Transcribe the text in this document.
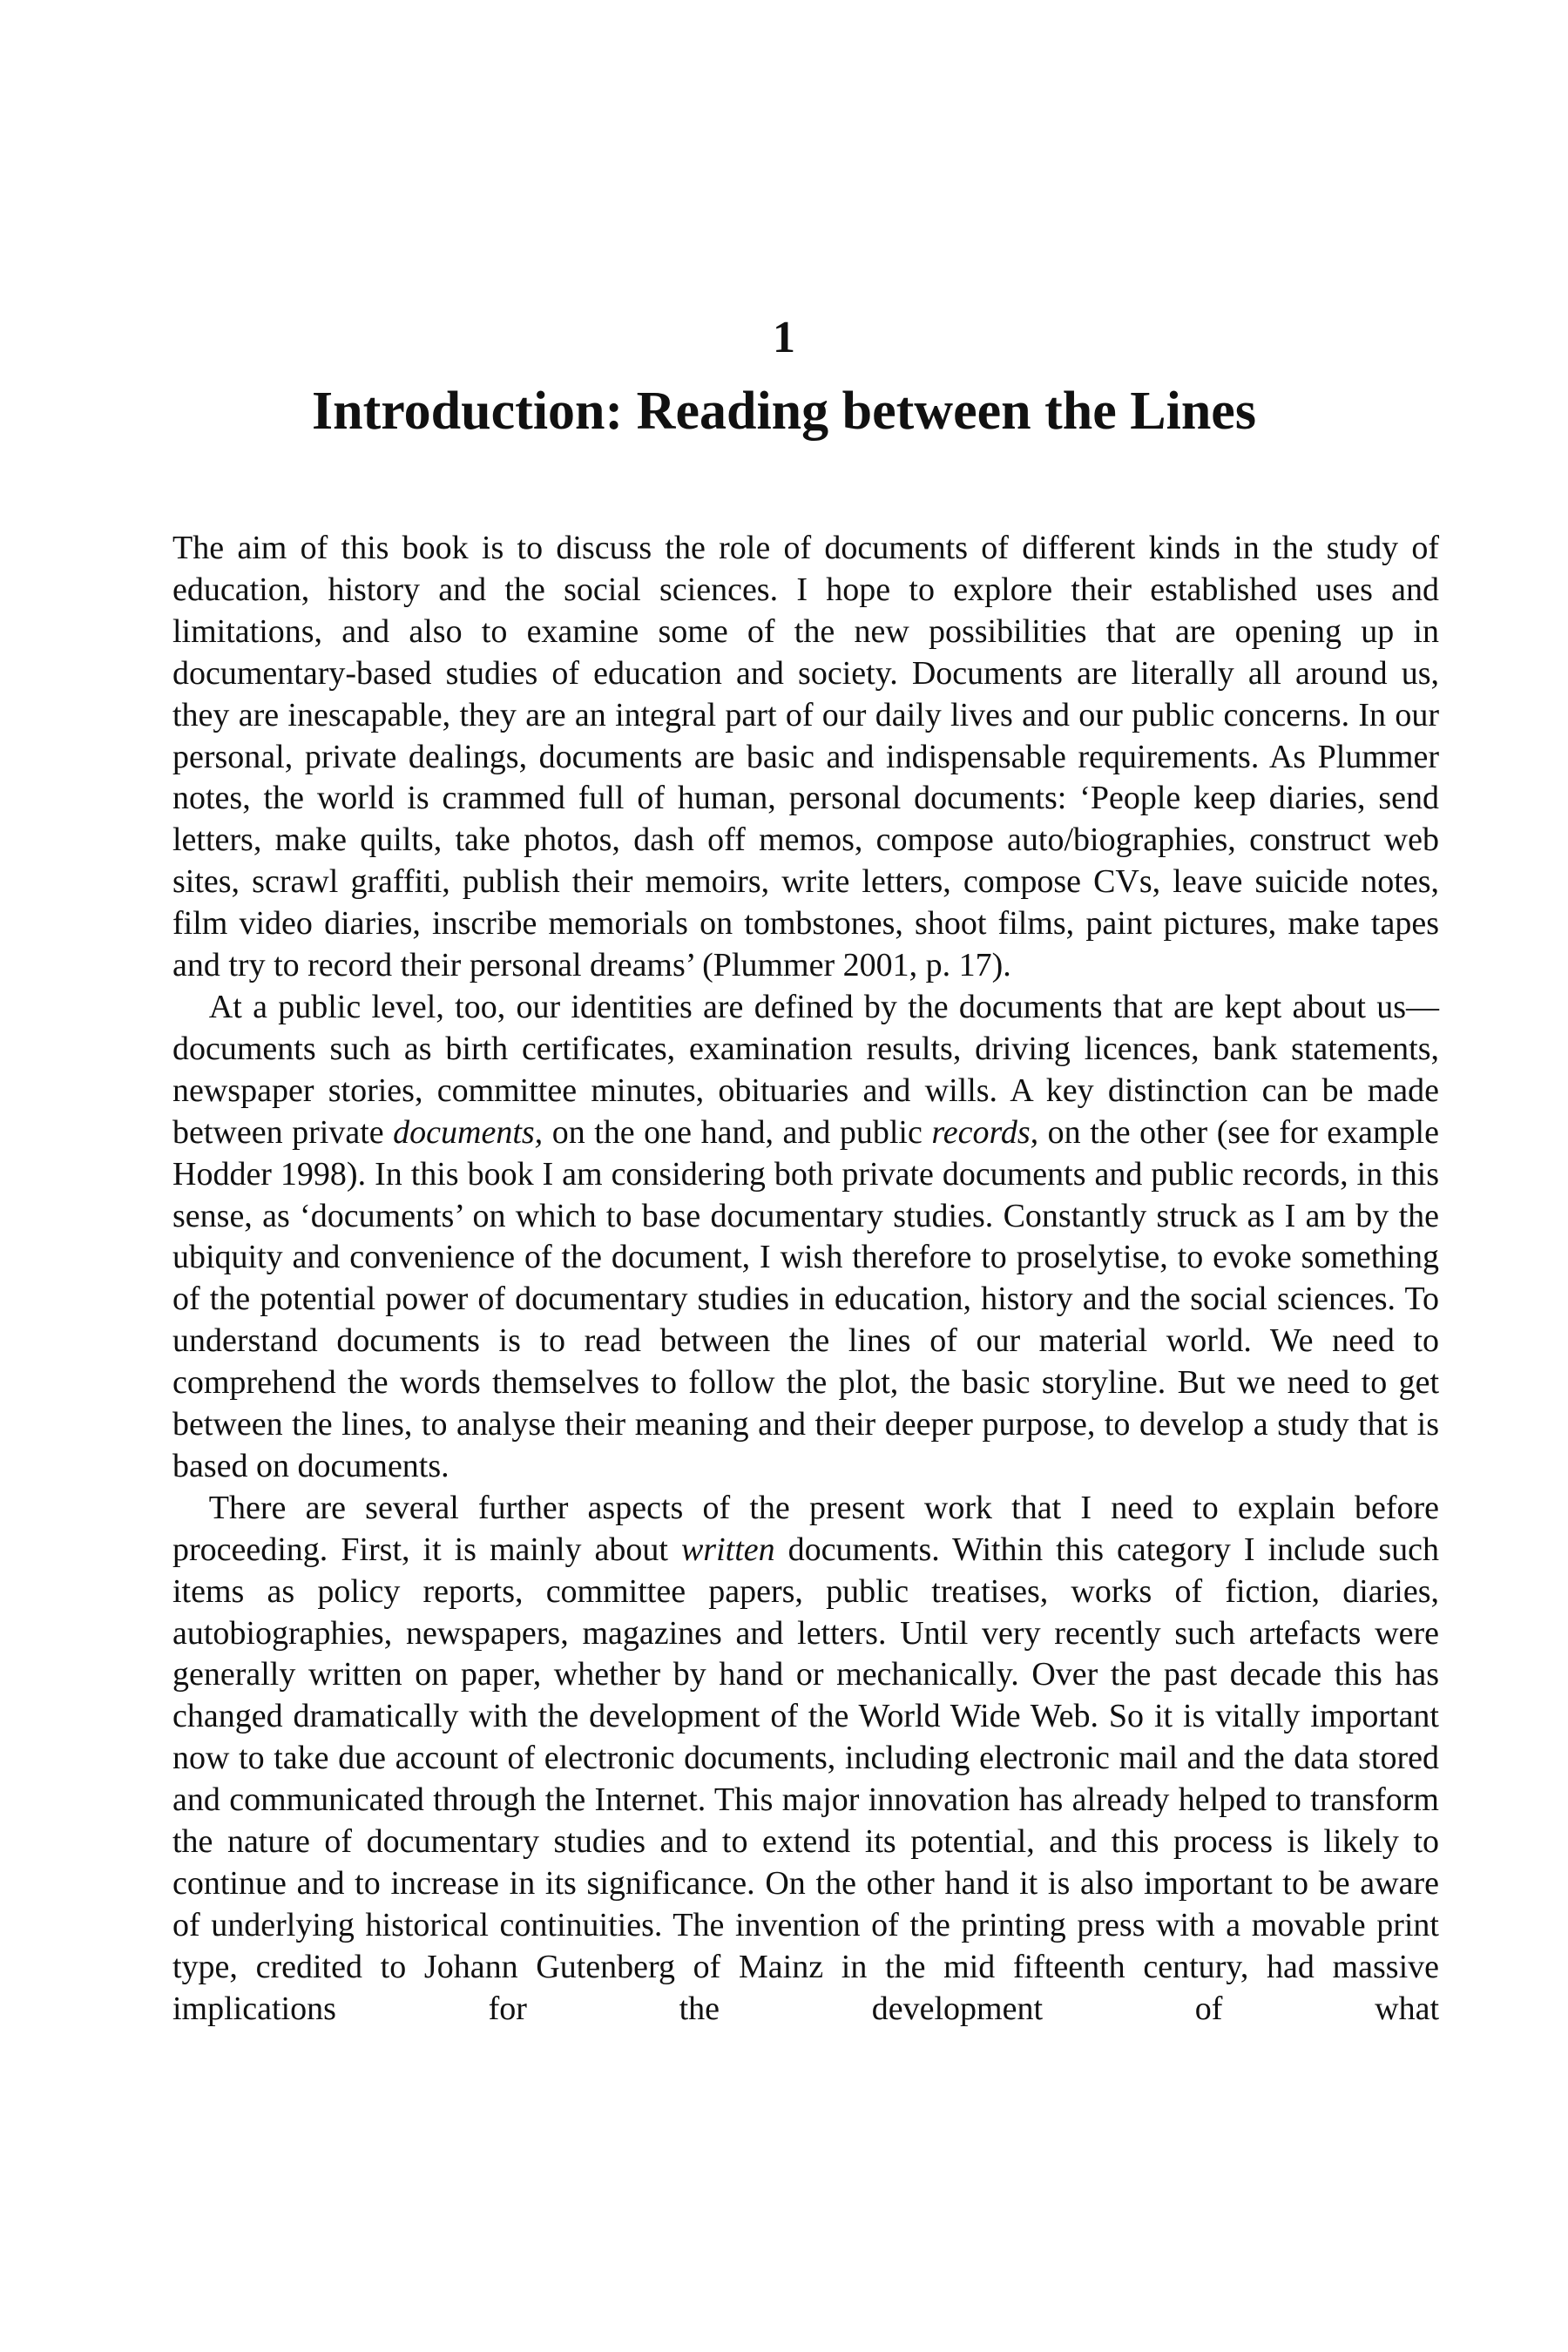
1
Introduction: Reading between the Lines

The aim of this book is to discuss the role of documents of different kinds in the study of education, history and the social sciences. I hope to explore their established uses and limitations, and also to examine some of the new possibilities that are opening up in documentary-based studies of education and society. Documents are literally all around us, they are inescapable, they are an integral part of our daily lives and our public concerns. In our personal, private dealings, documents are basic and indispensable requirements. As Plummer notes, the world is crammed full of human, personal documents: ‘People keep diaries, send letters, make quilts, take photos, dash off memos, compose auto/biographies, construct web sites, scrawl graffiti, publish their memoirs, write letters, compose CVs, leave suicide notes, film video diaries, inscribe memorials on tombstones, shoot films, paint pictures, make tapes and try to record their personal dreams’ (Plummer 2001, p. 17).

At a public level, too, our identities are defined by the documents that are kept about us—documents such as birth certificates, examination results, driving licences, bank statements, newspaper stories, committee minutes, obituaries and wills. A key distinction can be made between private documents, on the one hand, and public records, on the other (see for example Hodder 1998). In this book I am considering both private documents and public records, in this sense, as ‘documents’ on which to base documentary studies. Constantly struck as I am by the ubiquity and convenience of the document, I wish therefore to proselytise, to evoke something of the potential power of documentary studies in education, history and the social sciences. To understand documents is to read between the lines of our material world. We need to comprehend the words themselves to follow the plot, the basic storyline. But we need to get between the lines, to analyse their meaning and their deeper purpose, to develop a study that is based on documents.

There are several further aspects of the present work that I need to explain before proceeding. First, it is mainly about written documents. Within this category I include such items as policy reports, committee papers, public treatises, works of fiction, diaries, autobiographies, newspapers, magazines and letters. Until very recently such artefacts were generally written on paper, whether by hand or mechanically. Over the past decade this has changed dramatically with the development of the World Wide Web. So it is vitally important now to take due account of electronic documents, including electronic mail and the data stored and communicated through the Internet. This major innovation has already helped to transform the nature of documentary studies and to extend its potential, and this process is likely to continue and to increase in its significance. On the other hand it is also important to be aware of underlying historical continuities. The invention of the printing press with a movable print type, credited to Johann Gutenberg of Mainz in the mid fifteenth century, had massive implications for the development of what
